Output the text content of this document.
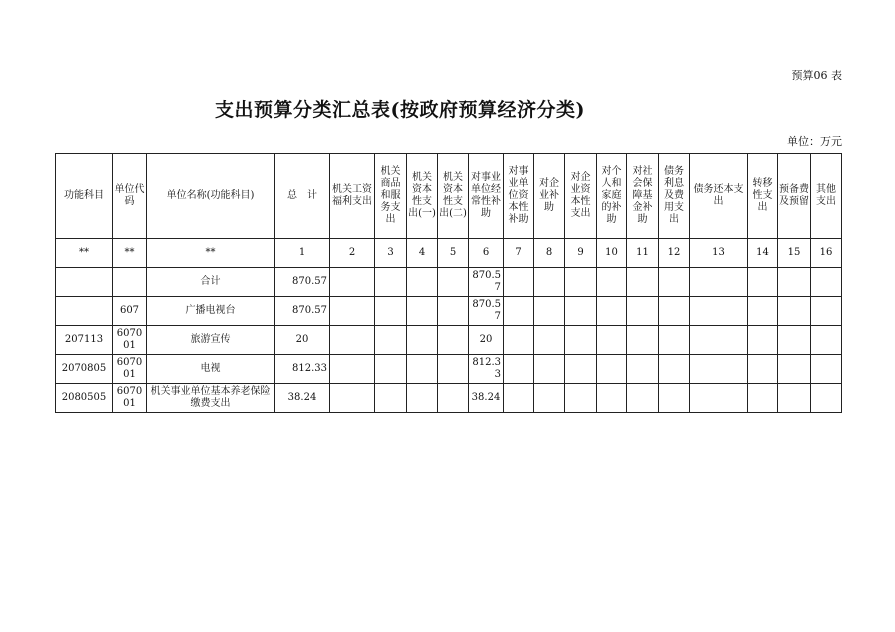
预算06 表
支出预算分类汇总表(按政府预算经济分类)
单位：万元
功能科目	单位代码	单位名称(功能科目)	总　计	机关工资福利支出	机关商品和服务支出	机关资本性支出(一)	机关资本性支出(二)	对事业单位经常性补助	对事业单位资本性补助	对企业补助	对企业资本性支出	对个人和家庭的补助	对社会保障基金补助	债务利息及费用支出	债务还本支出	转移性支出	预备费及预留	其他支出
**	**	**	1	2	3	4	5	6	7	8	9	10	11	12	13	14	15	16
		合计	870.57					870.57										
	607	广播电视台	870.57					870.57										
207113	607001	旅游宣传	20					20										
2070805	607001	电视	812.33					812.33										
2080505	607001	机关事业单位基本养老保险缴费支出	38.24					38.24										
